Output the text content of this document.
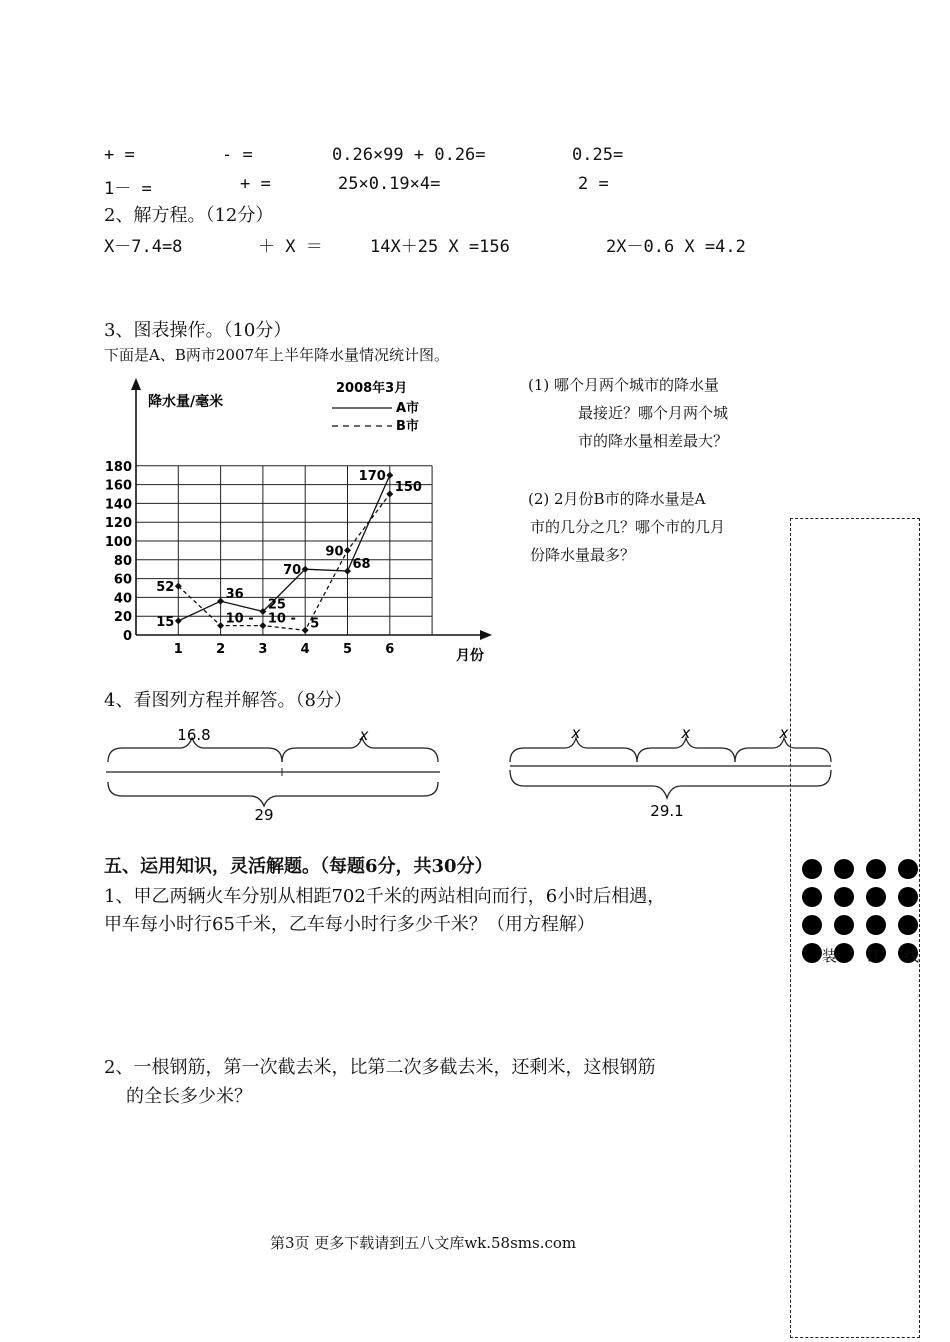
+ =	- =	0.26×99 + 0.26=	0.25=
1－ =	+ =	25×0.19×4=	2 =
2、解方程。（12分）
X－7.4=8	＋ X ＝	14X＋25 X =156	2X－0.6 X =4.2
3、图表操作。（10分）
下面是A、B两市2007年上半年降水量情况统计图。
0
20
40
60
80
100
120
140
160
180
1	2	3	4	5	6
降水量/毫米
月份
2008年3月
A市
B市
15
52	36
10 -
25
10 -
70
5
90
68
170
150
(1) 哪个月两个城市的降水量
最接近？哪个月两个城
市的降水量相差最大？
(2) 2月份B市的降水量是A
市的几分之几？哪个市的几月
份降水量最多？
4、看图列方程并解答。（8分）
16.8	x
29
x	x	x
29.1
五、运用知识，灵活解题。（每题6分，共30分）
1、甲乙两辆火车分别从相距702千米的两站相向而行，6小时后相遇，
甲车每小时行65千米，乙车每小时行多少千米？（用方程解）
2、一根钢筋，第一次截去米，比第二次多截去米，还剩米，这根钢筋
的全长多少米？
装 订 线
第3页 更多下载请到五八文库wk.58sms.com
